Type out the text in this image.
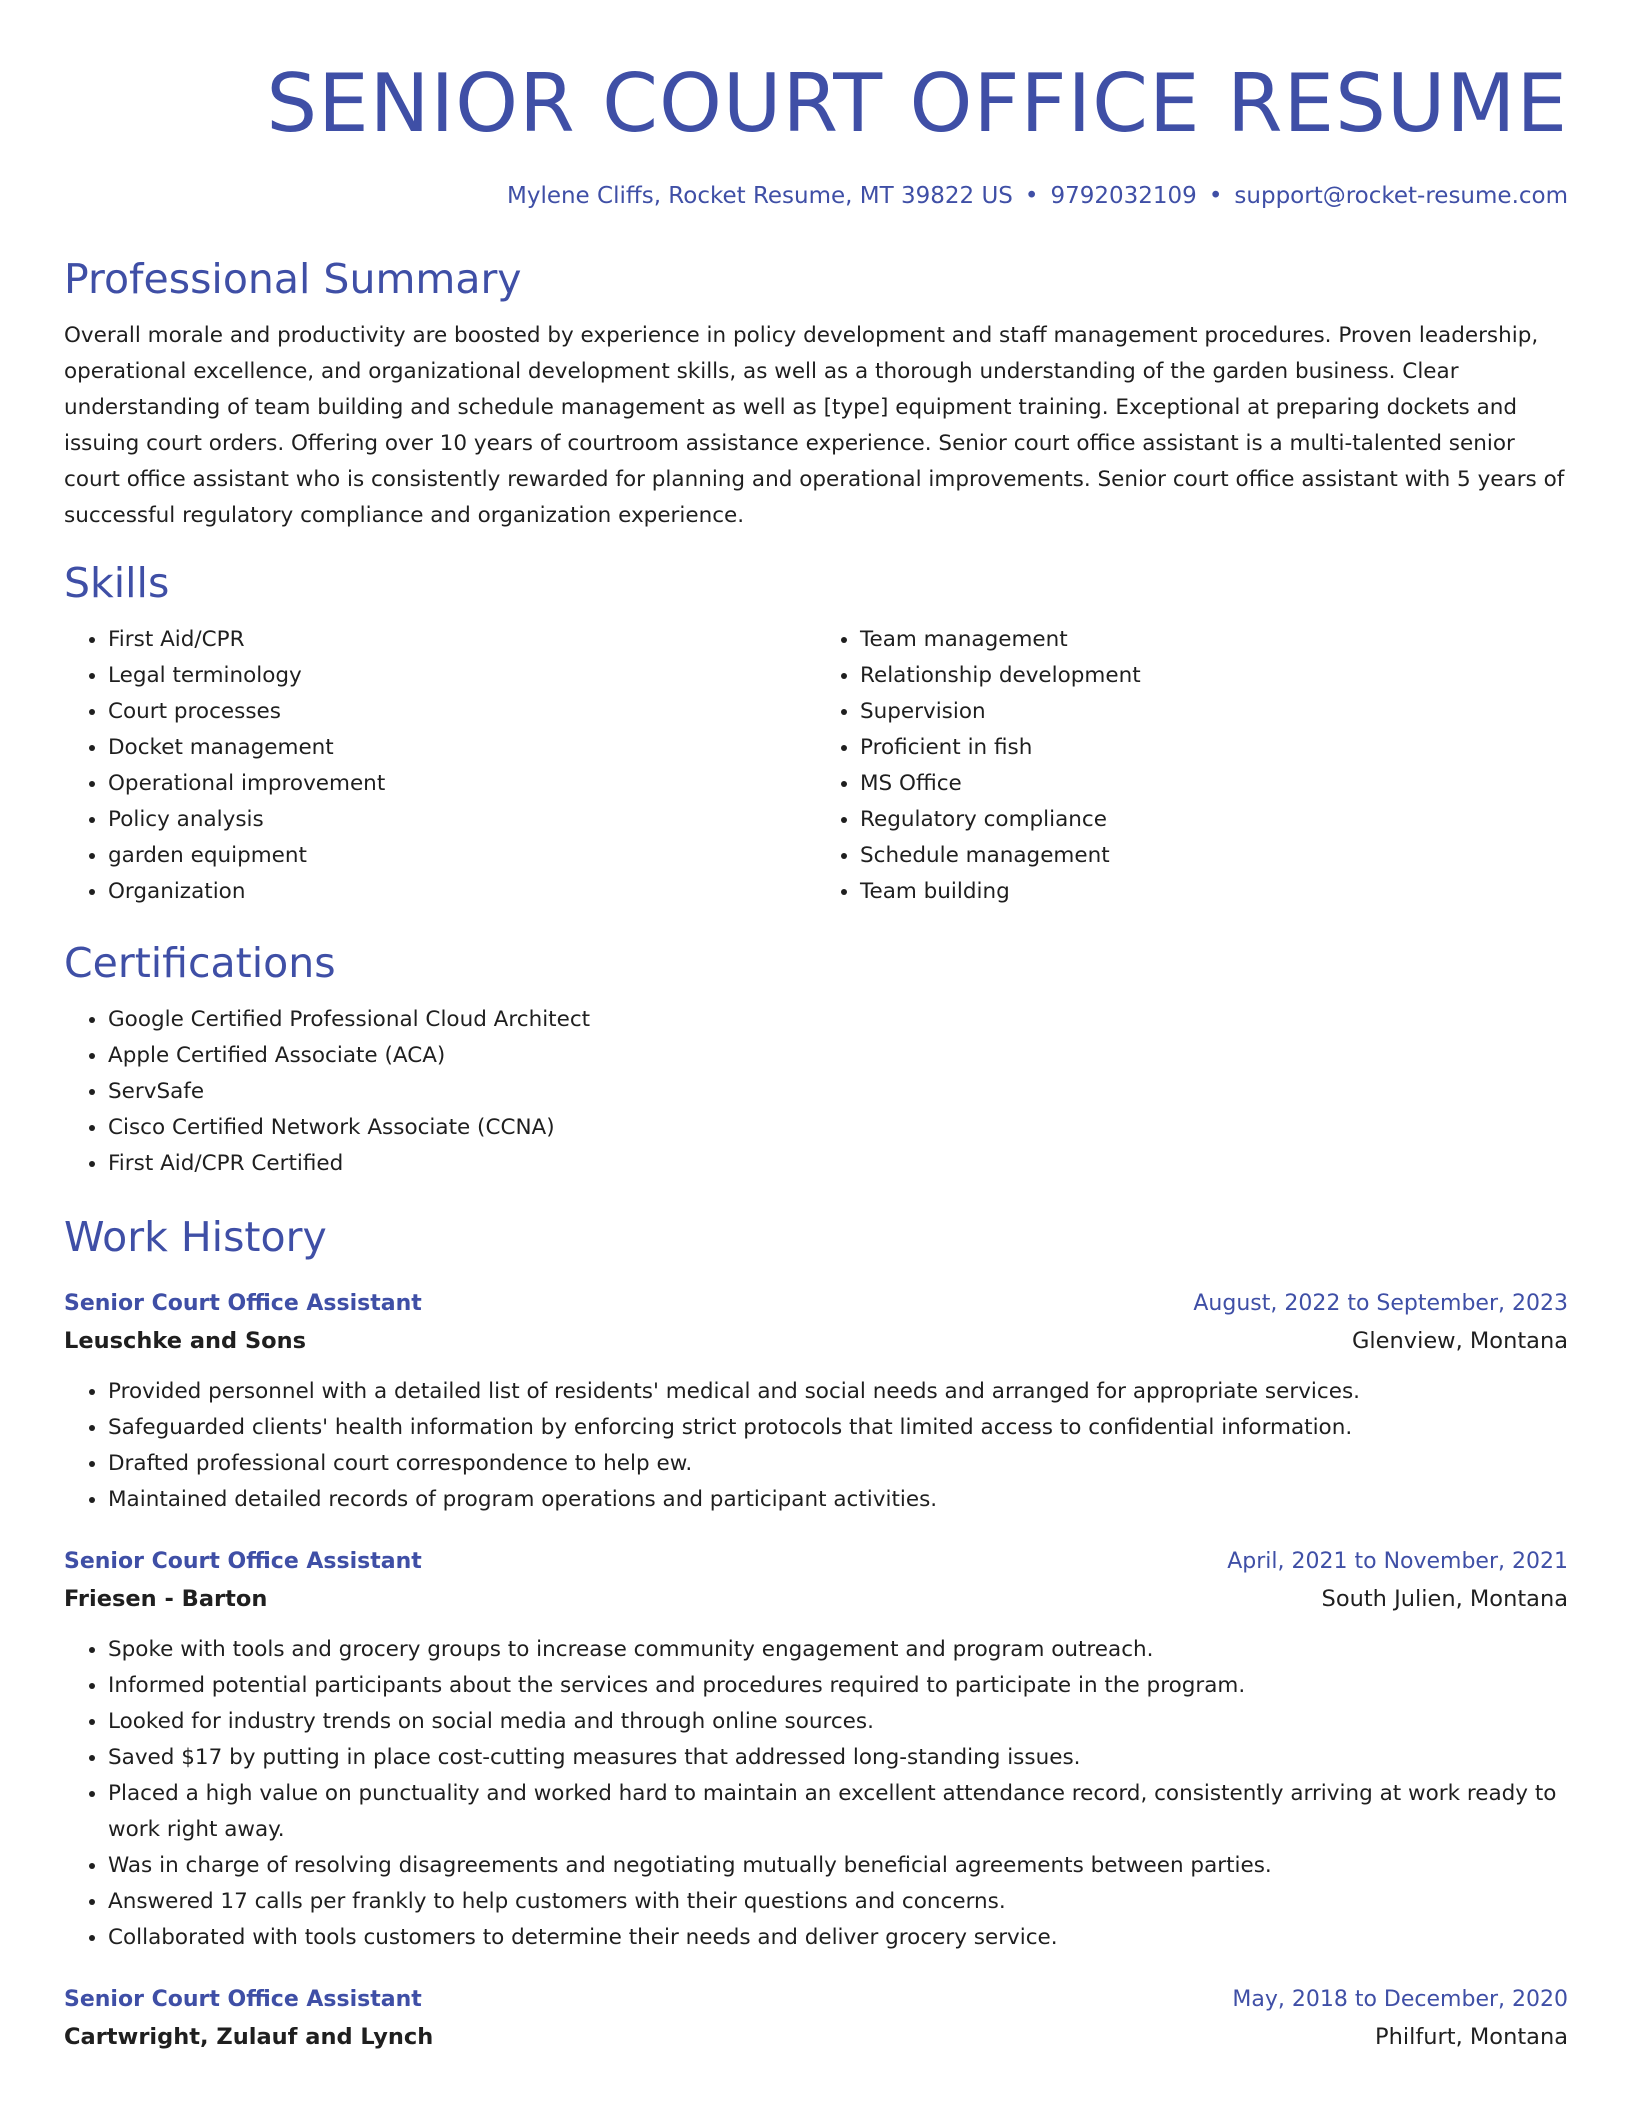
SENIOR COURT OFFICE RESUME
Mylene Cliffs, Rocket Resume, MT 39822 US • 9792032109 • support@rocket-resume.com
Professional Summary
Overall morale and productivity are boosted by experience in policy development and staff management procedures. Proven leadership, operational excellence, and organizational development skills, as well as a thorough understanding of the garden business. Clear understanding of team building and schedule management as well as [type] equipment training. Exceptional at preparing dockets and issuing court orders. Offering over 10 years of courtroom assistance experience. Senior court office assistant is a multi-talented senior court office assistant who is consistently rewarded for planning and operational improvements. Senior court office assistant with 5 years of successful regulatory compliance and organization experience.
Skills
• First Aid/CPR
• Legal terminology
• Court processes
• Docket management
• Operational improvement
• Policy analysis
• garden equipment
• Organization
• Team management
• Relationship development
• Supervision
• Proficient in fish
• MS Office
• Regulatory compliance
• Schedule management
• Team building
Certifications
• Google Certified Professional Cloud Architect
• Apple Certified Associate (ACA)
• ServSafe
• Cisco Certified Network Associate (CCNA)
• First Aid/CPR Certified
Work History
Senior Court Office Assistant	August, 2022 to September, 2023
Leuschke and Sons	Glenview, Montana
• Provided personnel with a detailed list of residents' medical and social needs and arranged for appropriate services.
• Safeguarded clients' health information by enforcing strict protocols that limited access to confidential information.
• Drafted professional court correspondence to help ew.
• Maintained detailed records of program operations and participant activities.
Senior Court Office Assistant	April, 2021 to November, 2021
Friesen - Barton	South Julien, Montana
• Spoke with tools and grocery groups to increase community engagement and program outreach.
• Informed potential participants about the services and procedures required to participate in the program.
• Looked for industry trends on social media and through online sources.
• Saved $17 by putting in place cost-cutting measures that addressed long-standing issues.
• Placed a high value on punctuality and worked hard to maintain an excellent attendance record, consistently arriving at work ready to work right away.
• Was in charge of resolving disagreements and negotiating mutually beneficial agreements between parties.
• Answered 17 calls per frankly to help customers with their questions and concerns.
• Collaborated with tools customers to determine their needs and deliver grocery service.
Senior Court Office Assistant	May, 2018 to December, 2020
Cartwright, Zulauf and Lynch	Philfurt, Montana
